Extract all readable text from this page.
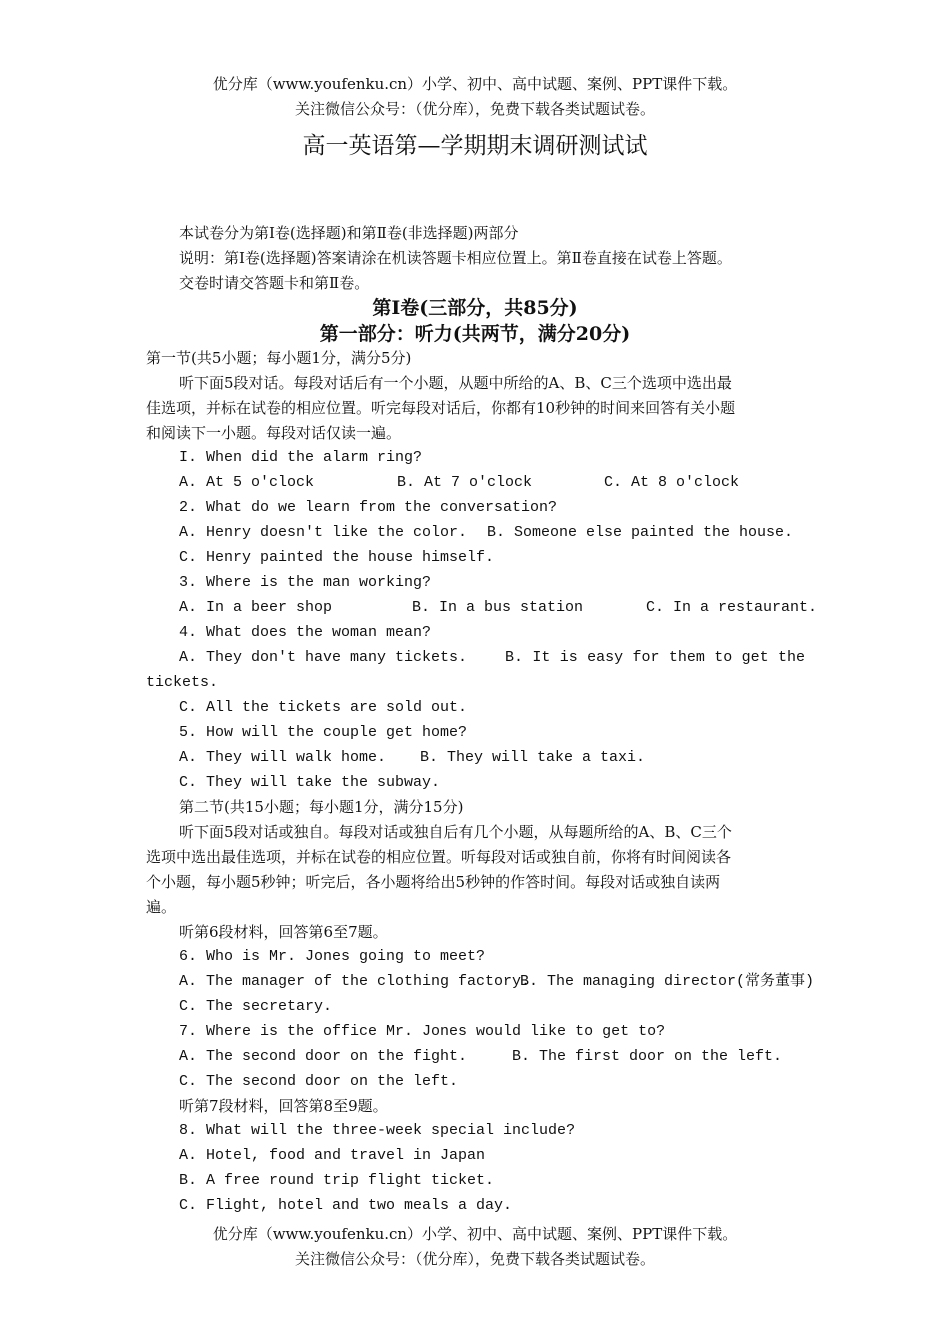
优分库（www.youfenku.cn）小学、初中、高中试题、案例、PPT课件下载。
关注微信公众号：（优分库），免费下载各类试题试卷。
高一英语第—学期期末调研测试试
本试卷分为第Ⅰ卷(选择题)和第Ⅱ卷(非选择题)两部分
说明：第Ⅰ卷(选择题)答案请涂在机读答题卡相应位置上。第Ⅱ卷直接在试卷上答题。
交卷时请交答题卡和第Ⅱ卷。
第Ⅰ卷(三部分，共85分)
第一部分：听力(共两节，满分20分)
第一节(共5小题；每小题1分，满分5分)
听下面5段对话。每段对话后有一个小题，从题中所给的A、B、C三个选项中选出最
佳选项，并标在试卷的相应位置。听完每段对话后，你都有10秒钟的时间来回答有关小题
和阅读下一小题。每段对话仅读一遍。
I. When did the alarm ring?
A. At 5 o'clock	B. At 7 o'clock	C. At 8 o'clock
2. What do we learn from the conversation?
A. Henry doesn't like the color. B. Someone else painted the house.
C. Henry painted the house himself.
3. Where is the man working?
A. In a beer shop	B. In a bus station	C. In a restaurant.
4. What does the woman mean?
A. They don't have many tickets.	B. It is easy for them to get the
tickets.
C. All the tickets are sold out.
5. How will the couple get home?
A. They will walk home. B. They will take a taxi.
C. They will take the subway.
第二节(共15小题；每小题1分，满分15分)
听下面5段对话或独自。每段对话或独自后有几个小题，从每题所给的A、B、C三个
选项中选出最佳选项，并标在试卷的相应位置。听每段对话或独自前，你将有时间阅读各
个小题，每小题5秒钟；听完后，各小题将给出5秒钟的作答时间。每段对话或独自读两
遍。
听第6段材料，回答第6至7题。
6. Who is Mr. Jones going to meet?
A. The manager of the clothing factory.
B. The managing director(常务董事)
C. The secretary.
7. Where is the office Mr. Jones would like to get to?
A. The second door on the fight.	B. The first door on the left.
C. The second door on the left.
听第7段材料，回答第8至9题。
8. What will the three-week special include?
A. Hotel, food and travel in Japan
B. A free round trip flight ticket.
C. Flight, hotel and two meals a day.
优分库（www.youfenku.cn）小学、初中、高中试题、案例、PPT课件下载。
关注微信公众号：（优分库），免费下载各类试题试卷。
